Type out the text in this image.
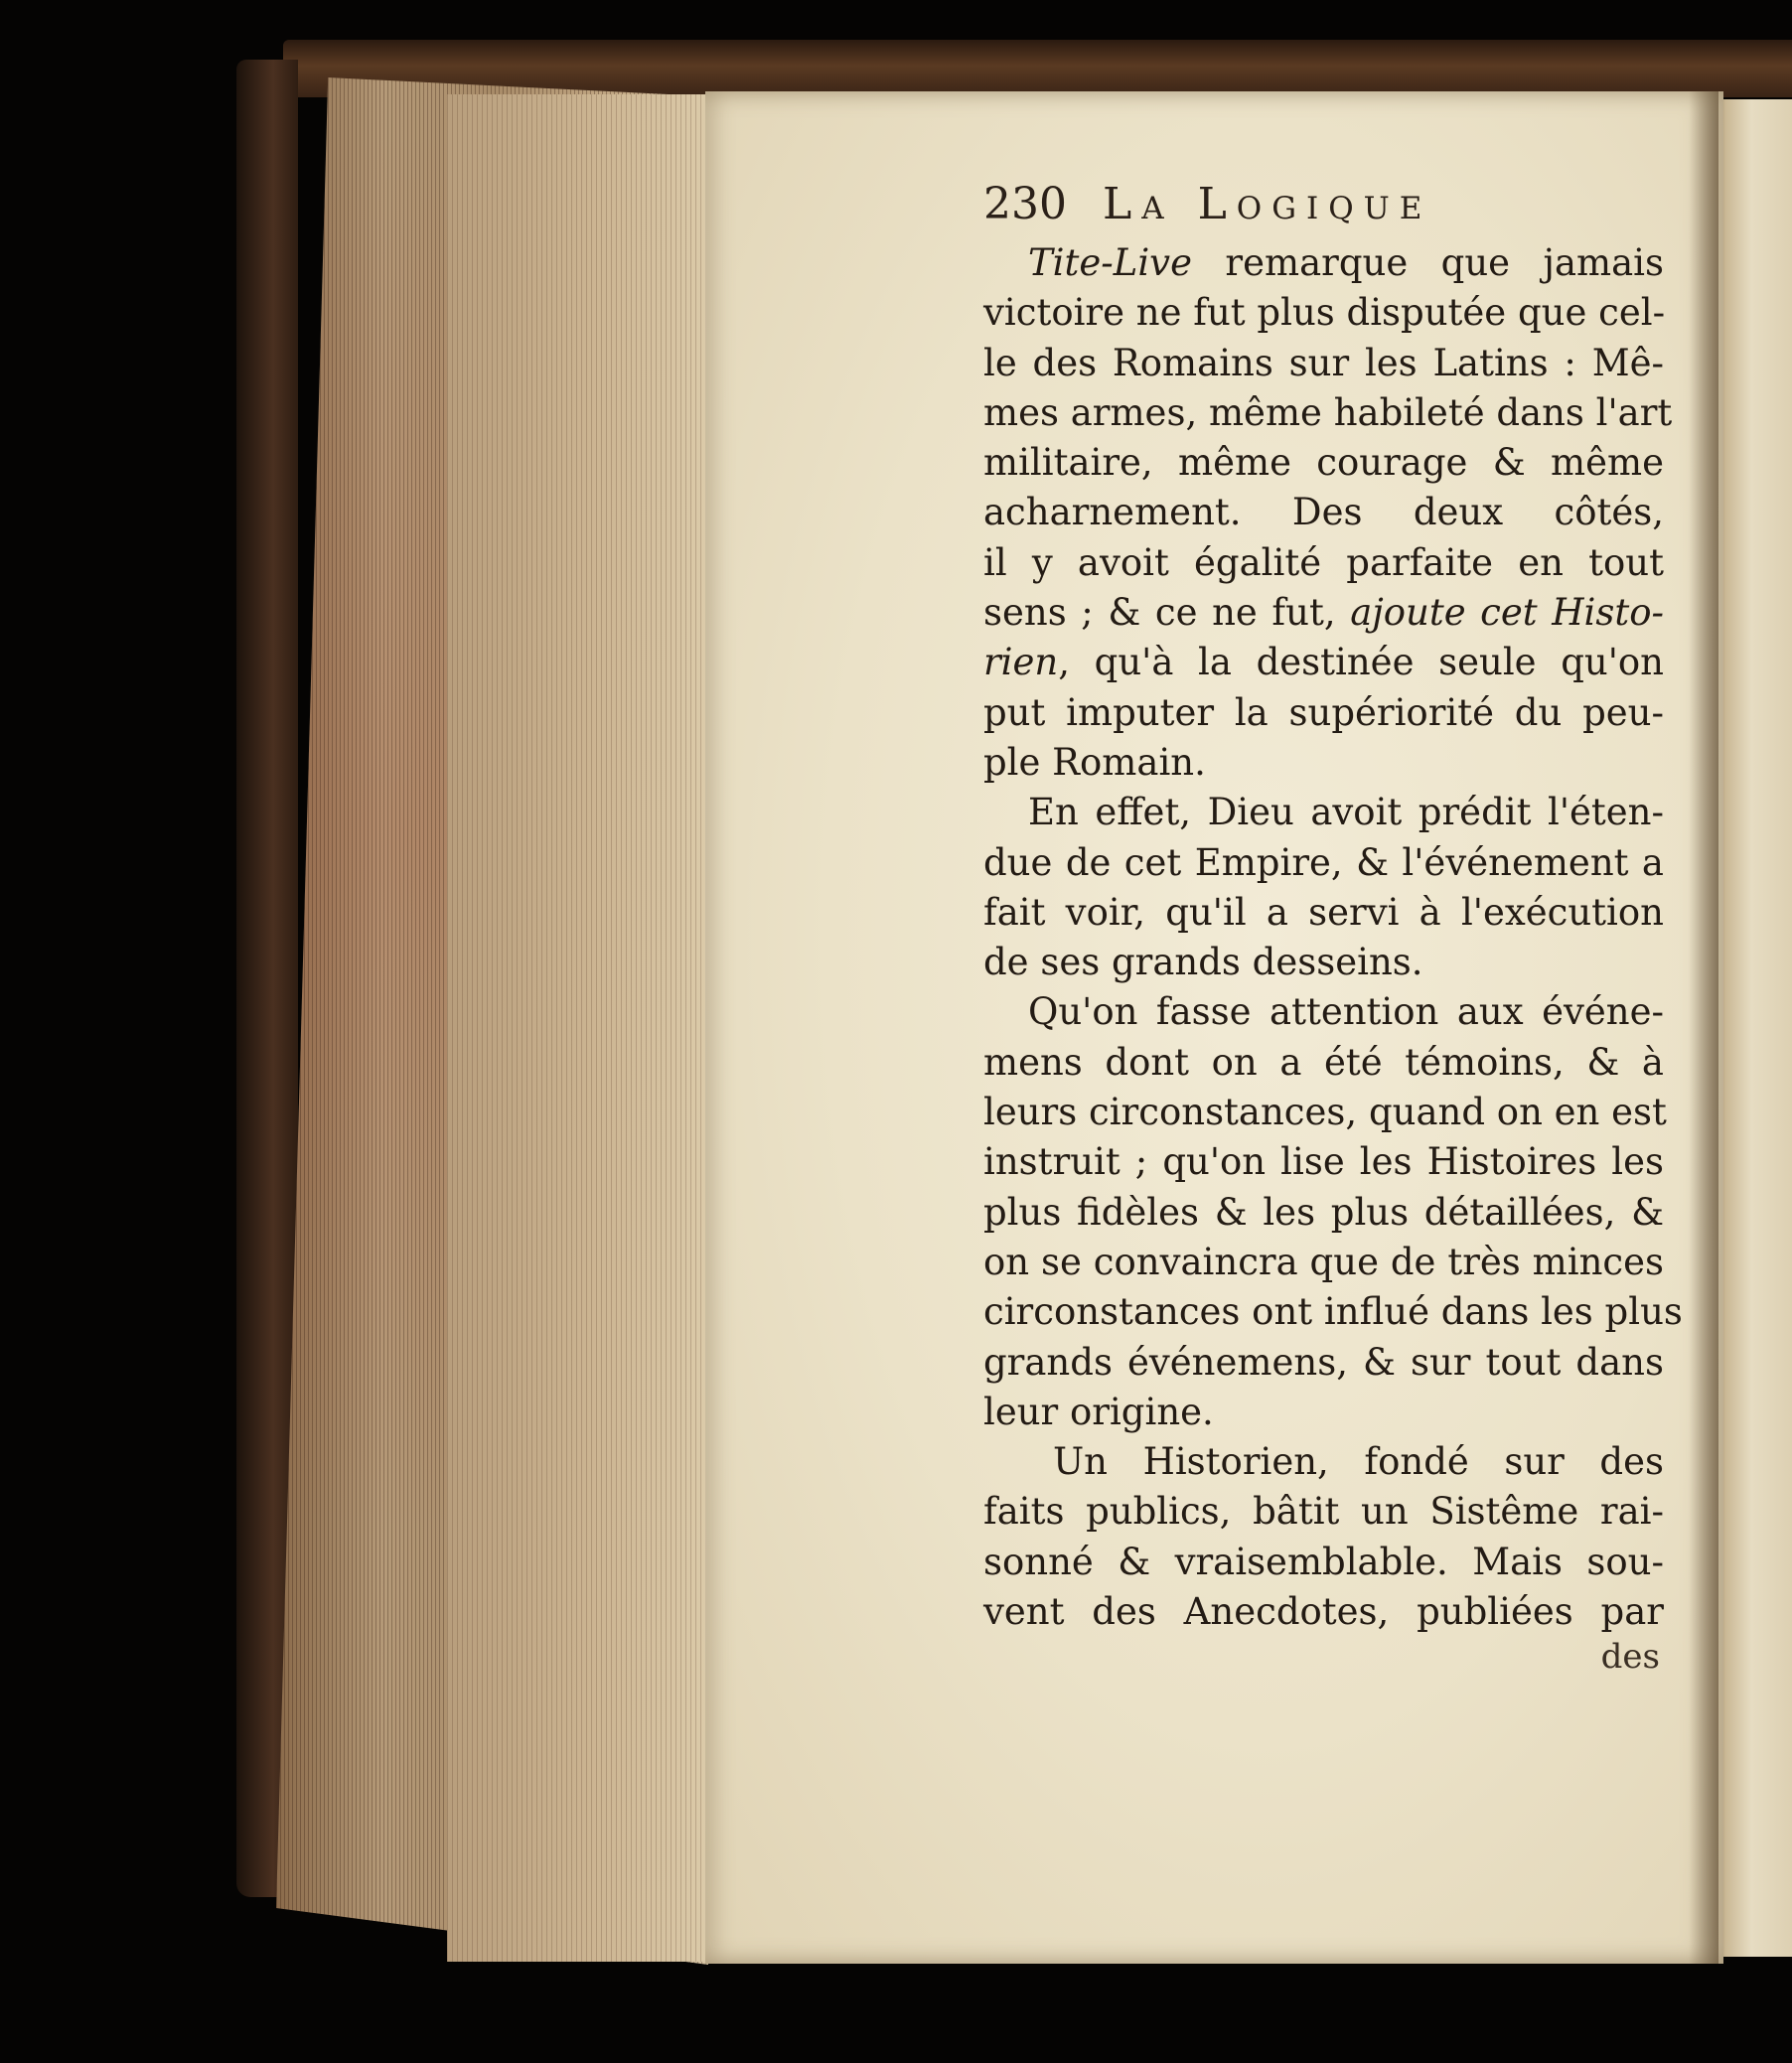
230 La Logique
Tite-Live remarque que jamais
victoire ne fut plus disputée que cel-
le des Romains sur les Latins : Mê-
mes armes, même habileté dans l'art
militaire, même courage & même
acharnement. Des deux côtés,
il y avoit égalité parfaite en tout
sens ; & ce ne fut, ajoute cet Histo-
rien, qu'à la destinée seule qu'on
put imputer la supériorité du peu-
ple Romain.
En effet, Dieu avoit prédit l'éten-
due de cet Empire, & l'événement a
fait voir, qu'il a servi à l'exécution
de ses grands desseins.
Qu'on fasse attention aux événe-
mens dont on a été témoins, & à
leurs circonstances, quand on en est
instruit ; qu'on lise les Histoires les
plus fidèles & les plus détaillées, &
on se convaincra que de très minces
circonstances ont influé dans les plus
grands événemens, & sur tout dans
leur origine.
Un Historien, fondé sur des
faits publics, bâtit un Sistême rai-
sonné & vraisemblable. Mais sou-
vent des Anecdotes, publiées par
des
